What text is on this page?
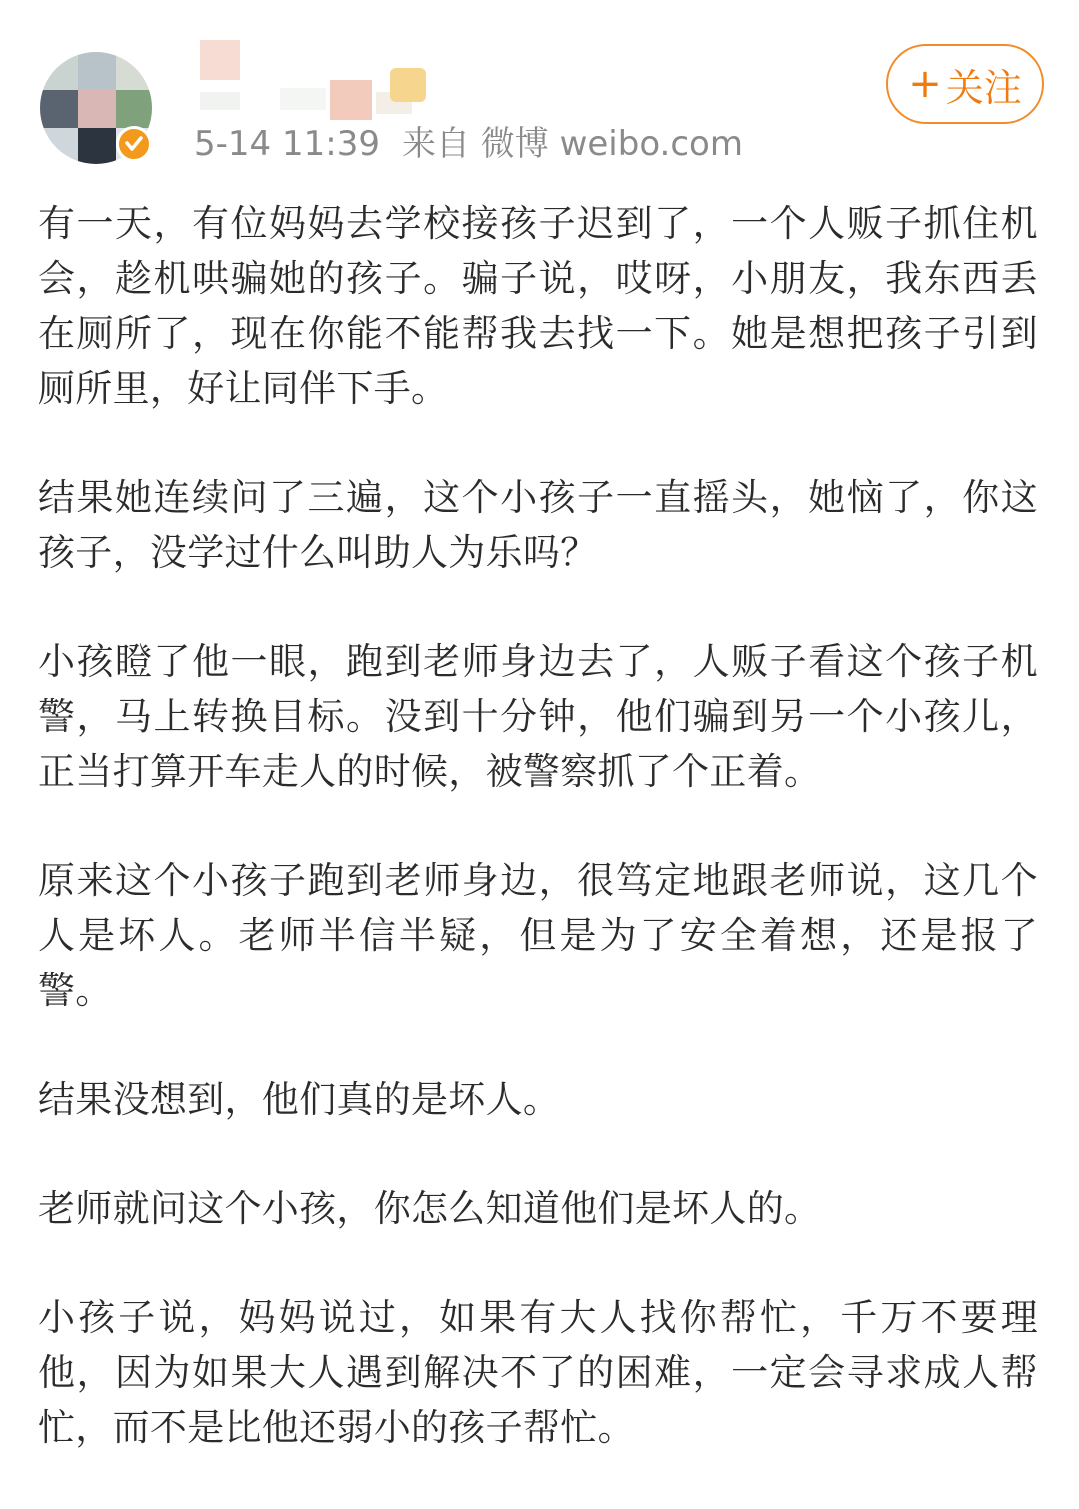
5-14 11:39 来自 微博 weibo.com
+ 关注

有一天，有位妈妈去学校接孩子迟到了，一个人贩子抓住机会，趁机哄骗她的孩子。骗子说，哎呀，小朋友，我东西丢在厕所了，现在你能不能帮我去找一下。她是想把孩子引到厕所里，好让同伴下手。

结果她连续问了三遍，这个小孩子一直摇头，她恼了，你这孩子，没学过什么叫助人为乐吗？

小孩瞪了他一眼，跑到老师身边去了，人贩子看这个孩子机警，马上转换目标。没到十分钟，他们骗到另一个小孩儿，正当打算开车走人的时候，被警察抓了个正着。

原来这个小孩子跑到老师身边，很笃定地跟老师说，这几个人是坏人。老师半信半疑，但是为了安全着想，还是报了警。

结果没想到，他们真的是坏人。

老师就问这个小孩，你怎么知道他们是坏人的。

小孩子说，妈妈说过，如果有大人找你帮忙，千万不要理他，因为如果大人遇到解决不了的困难，一定会寻求成人帮忙，而不是比他还弱小的孩子帮忙。
